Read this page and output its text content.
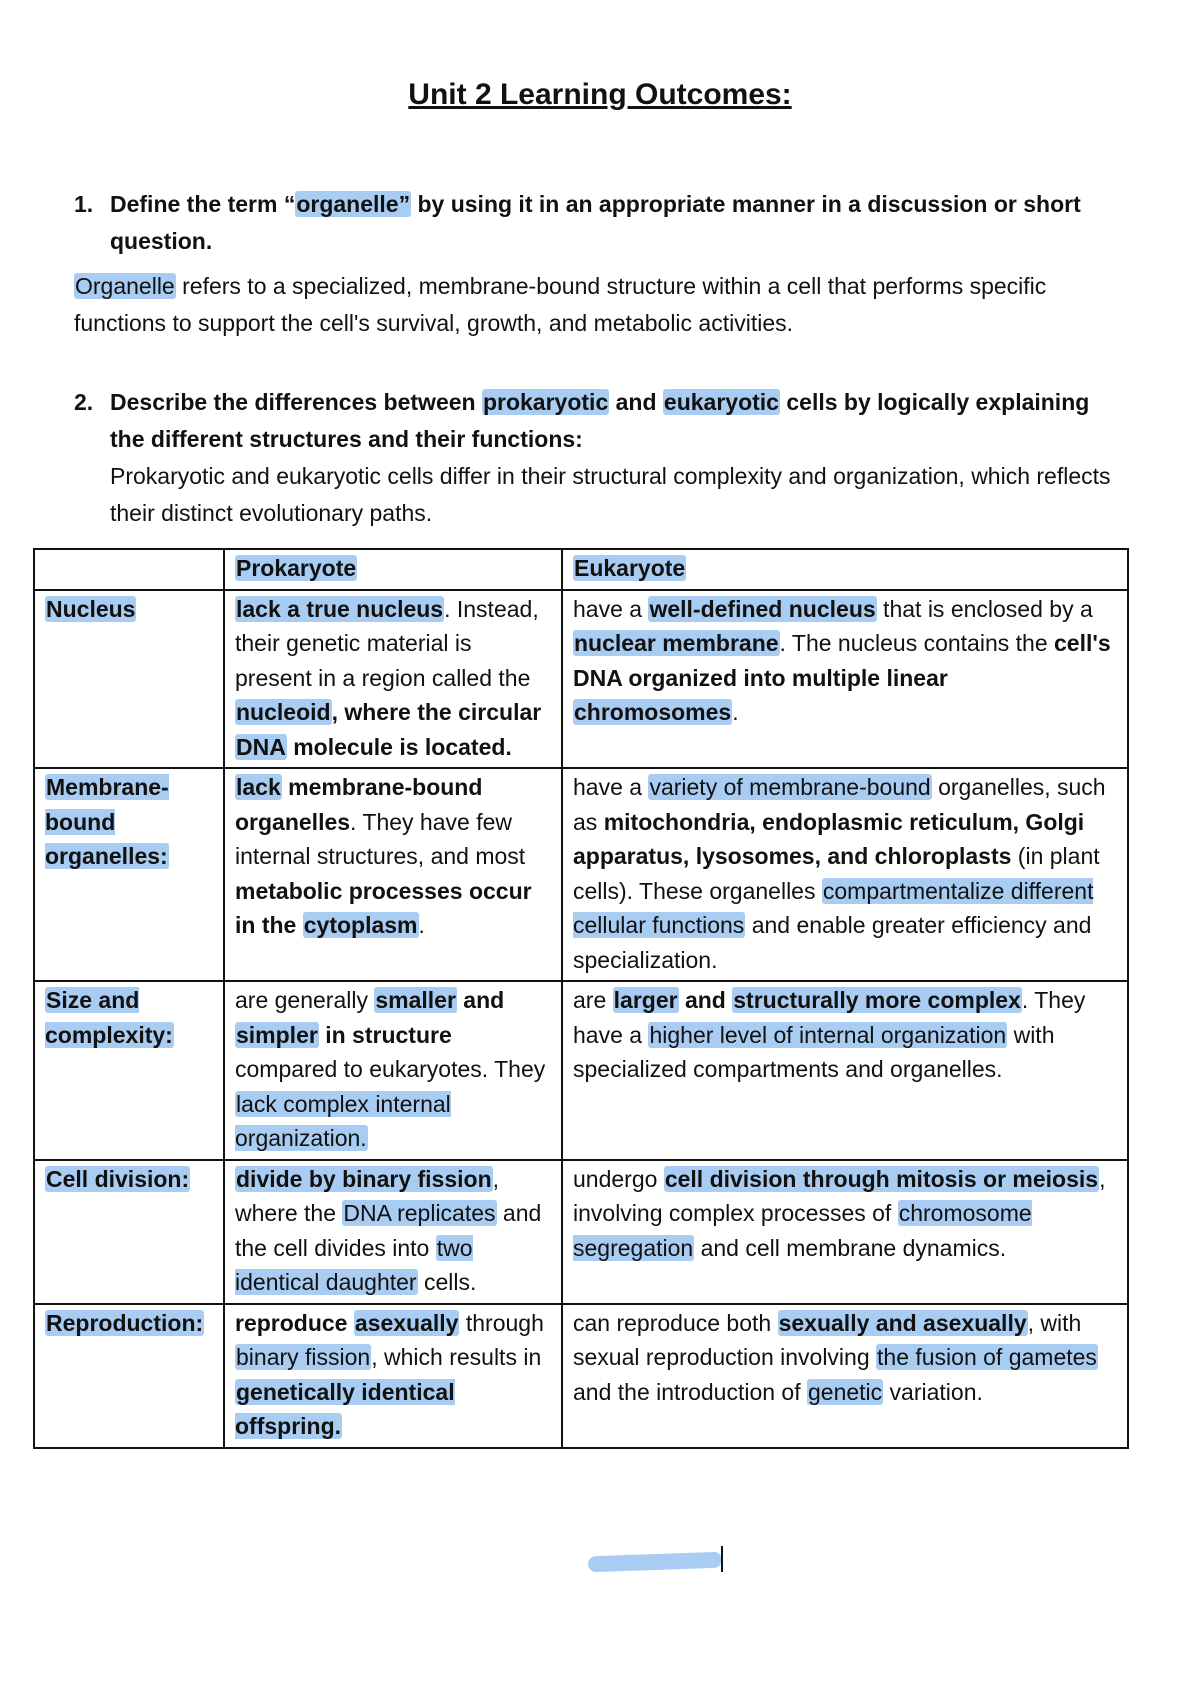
Unit 2 Learning Outcomes:
1. Define the term “organelle” by using it in an appropriate manner in a discussion or short question.
Organelle refers to a specialized, membrane-bound structure within a cell that performs specific functions to support the cell's survival, growth, and metabolic activities.
2. Describe the differences between prokaryotic and eukaryotic cells by logically explaining the different structures and their functions:
Prokaryotic and eukaryotic cells differ in their structural complexity and organization, which reflects their distinct evolutionary paths.
	Prokaryote	Eukaryote
Nucleus	lack a true nucleus. Instead, their genetic material is present in a region called the nucleoid, where the circular DNA molecule is located.	have a well-defined nucleus that is enclosed by a nuclear membrane. The nucleus contains the cell's DNA organized into multiple linear chromosomes.
Membrane-bound organelles:	lack membrane-bound organelles. They have few internal structures, and most metabolic processes occur in the cytoplasm.	have a variety of membrane-bound organelles, such as mitochondria, endoplasmic reticulum, Golgi apparatus, lysosomes, and chloroplasts (in plant cells). These organelles compartmentalize different cellular functions and enable greater efficiency and specialization.
Size and complexity:	are generally smaller and simpler in structure compared to eukaryotes. They lack complex internal organization.	are larger and structurally more complex. They have a higher level of internal organization with specialized compartments and organelles.
Cell division:	divide by binary fission, where the DNA replicates and the cell divides into two identical daughter cells.	undergo cell division through mitosis or meiosis, involving complex processes of chromosome segregation and cell membrane dynamics.
Reproduction:	reproduce asexually through binary fission, which results in genetically identical offspring.	can reproduce both sexually and asexually, with sexual reproduction involving the fusion of gametes and the introduction of genetic variation.
